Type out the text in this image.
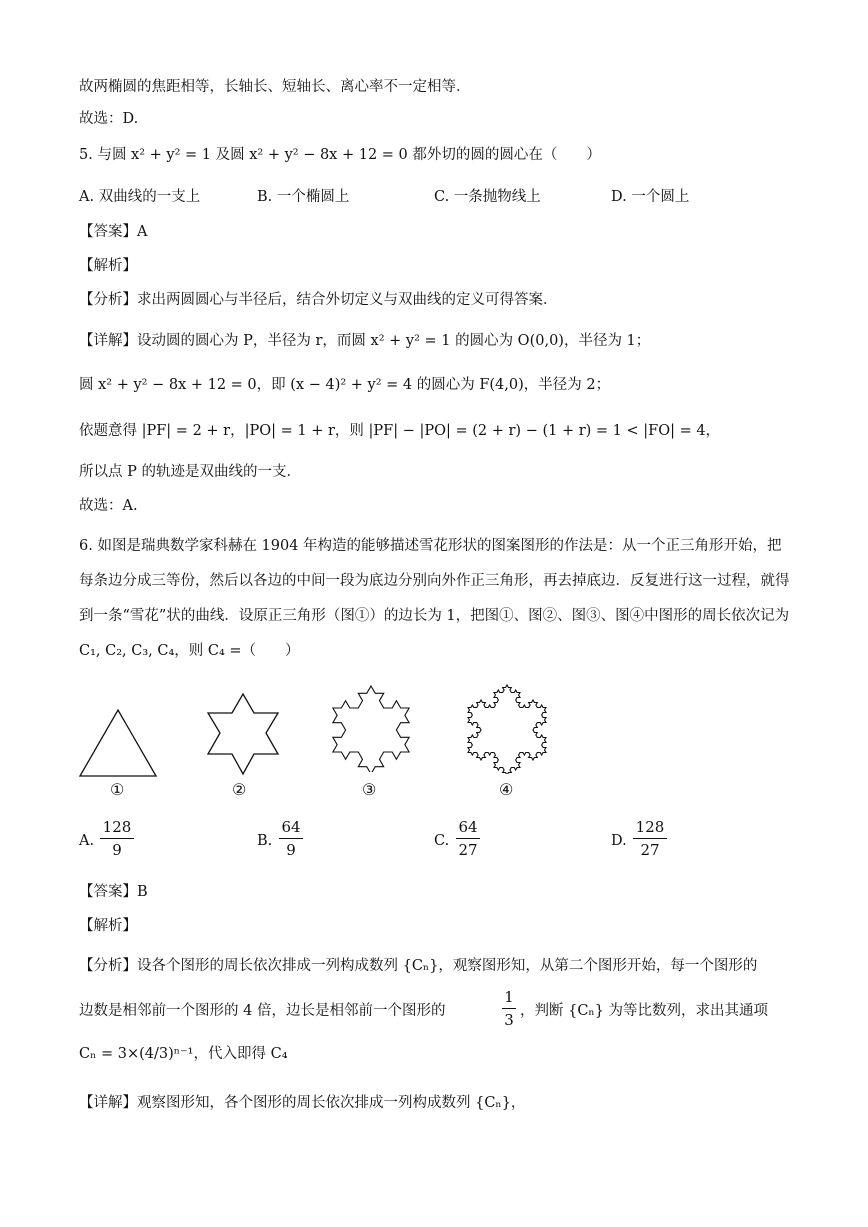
故两椭圆的焦距相等，长轴长、短轴长、离心率不一定相等．
故选：D.
5. 与圆 x² + y² = 1 及圆 x² + y² − 8x + 12 = 0 都外切的圆的圆心在（　　）
A. 双曲线的一支上	B. 一个椭圆上	C. 一条抛物线上	D. 一个圆上
【答案】A
【解析】
【分析】求出两圆圆心与半径后，结合外切定义与双曲线的定义可得答案．
【详解】设动圆的圆心为 P，半径为 r，而圆 x² + y² = 1 的圆心为 O(0,0)，半径为 1；
圆 x² + y² − 8x + 12 = 0，即 (x − 4)² + y² = 4 的圆心为 F(4,0)，半径为 2；
依题意得 |PF| = 2 + r，|PO| = 1 + r，则 |PF| − |PO| = (2 + r) − (1 + r) = 1 < |FO| = 4，
所以点 P 的轨迹是双曲线的一支．
故选：A.
6. 如图是瑞典数学家科赫在 1904 年构造的能够描述雪花形状的图案图形的作法是：从一个正三角形开始，把每条边分成三等份，然后以各边的中间一段为底边分别向外作正三角形，再去掉底边．反复进行这一过程，就得到一条“雪花”状的曲线．设原正三角形（图①）的边长为 1，把图①、图②、图③、图④中图形的周长依次记为 C₁, C₂, C₃, C₄，则 C₄ =（　　）
①	②	③	④
A.
128
9	B.
64
9	C.
64
27	D.
128
27
【答案】B
【解析】
【分析】设各个图形的周长依次排成一列构成数列 {Cₙ}，观察图形知，从第二个图形开始，每一个图形的
边数是相邻前一个图形的 4 倍，边长是相邻前一个图形的
1
3 ，判断 {Cₙ} 为等比数列，求出其通项
Cₙ = 3×(4/3)ⁿ⁻¹，代入即得 C₄
【详解】观察图形知，各个图形的周长依次排成一列构成数列 {Cₙ}，
